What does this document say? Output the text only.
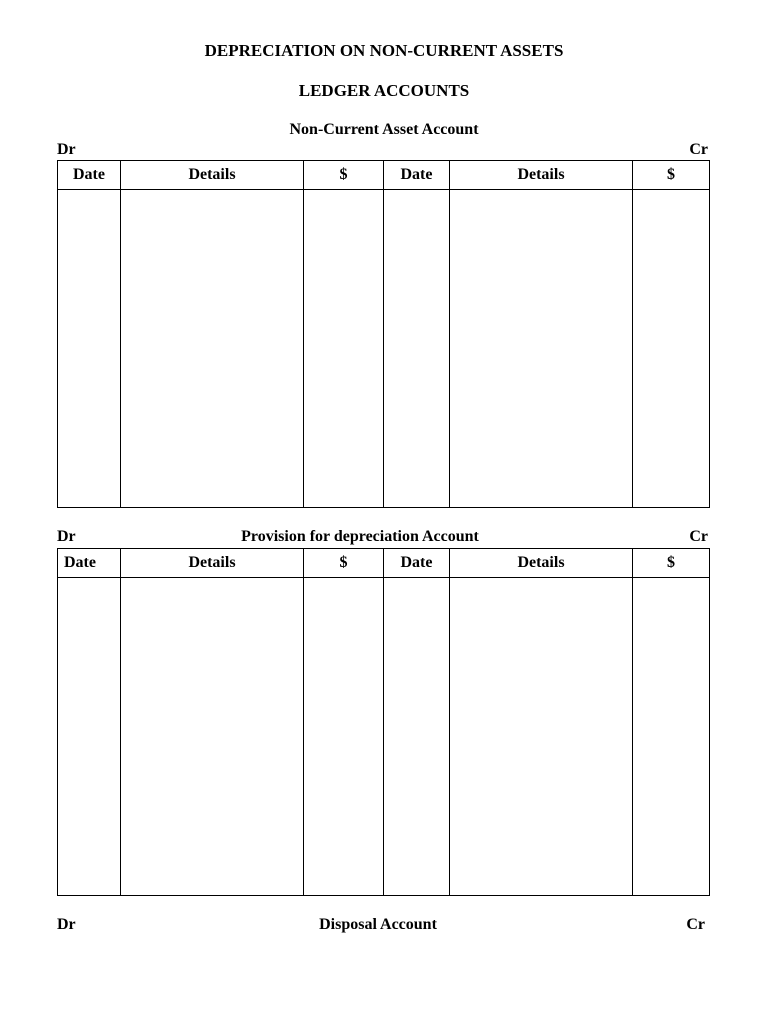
DEPRECIATION ON NON-CURRENT ASSETS
LEDGER ACCOUNTS
Non-Current Asset Account
Dr	Cr
Date	Details	$	Date	Details	$

Dr	Provision for depreciation Account	Cr
Date	Details	$	Date	Details	$

Dr	Disposal Account	Cr
